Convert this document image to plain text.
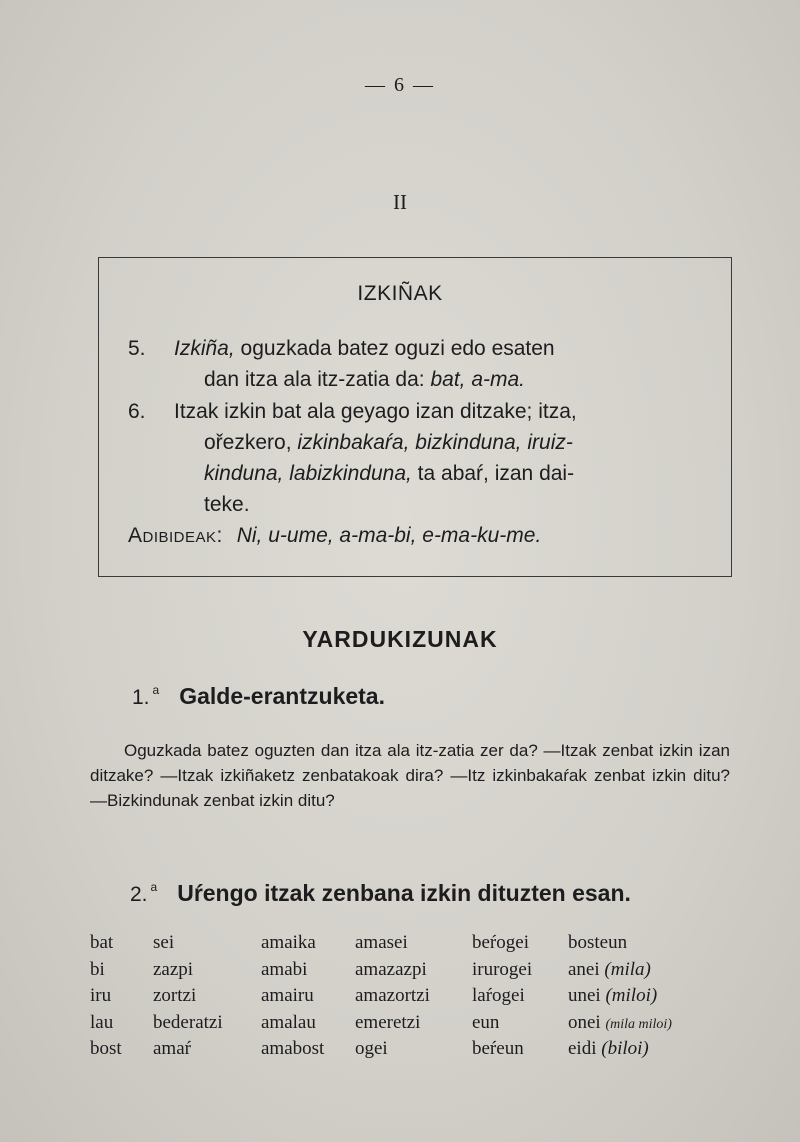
— 6 —
II
IZKIÑAK
5. Izkiña, oguzkada batez oguzi edo esaten
dan itza ala itz-zatia da: bat, a-ma.
6. Itzak izkin bat ala geyago izan ditzake; itza,
ořezkero, izkinbakaŕa, bizkinduna, iruiz-
kinduna, labizkinduna, ta abaŕ, izan dai-
teke.
Adibideak: Ni, u-ume, a-ma-bi, e-ma-ku-me.
YARDUKIZUNAK
1. $^a$ Galde-erantzuketa.
Oguzkada batez oguzten dan itza ala itz-zatia zer da? —Itzak zenbat izkin izan ditzake? —Itzak izkiñaketz zenbatakoak dira? —Itz izkinbakaŕak zenbat izkin ditu? —Bizkindunak zenbat izkin ditu?
2. $^a$ Uŕengo itzak zenbana izkin dituzten esan.
bat
bi
iru
lau
bost
sei
zazpi
zortzi
bederatzi
amaŕ
amaika
amabi
amairu
amalau
amabost
amasei
amazazpi
amazortzi
emeretzi
ogei
beŕogei
irurogei
laŕogei
eun
beŕeun
bosteun
anei (mila)
unei (miloi)
onei (mila miloi)
eidi (biloi)
